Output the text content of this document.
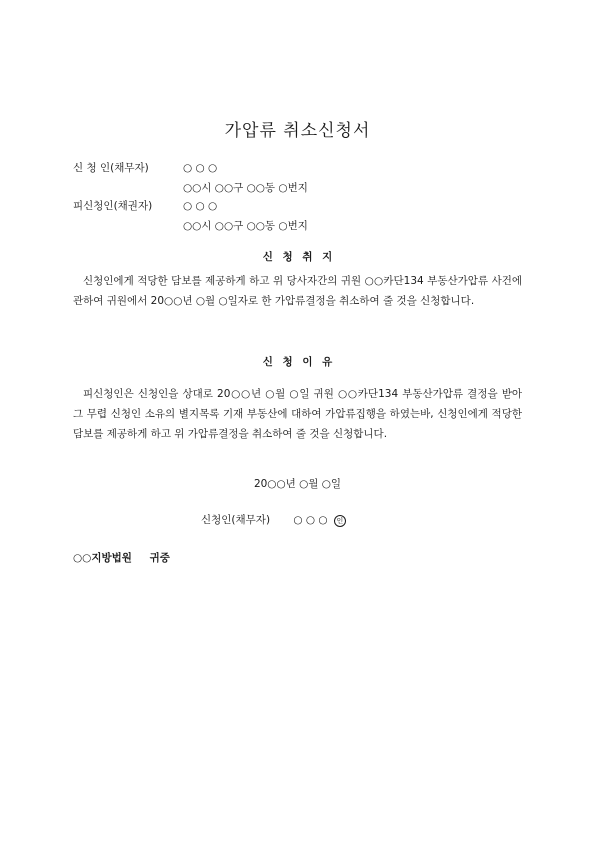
가압류 취소신청서
신 청 인(채무자)	○ ○ ○
○○시 ○○구 ○○동 ○번지
피신청인(채권자)	○ ○ ○
○○시 ○○구 ○○동 ○번지
신 청 취 지
신청인에게 적당한 담보를 제공하게 하고 위 당사자간의 귀원 ○○카단134 부동산가압류 사건에 관하여 귀원에서 20○○년 ○월 ○일자로 한 가압류결정을 취소하여 줄 것을 신청합니다.
신 청 이 유
피신청인은 신청인을 상대로 20○○년 ○월 ○일 귀원 ○○카단134 부동산가압류 결정을 받아 그 무렵 신청인 소유의 별지목록 기재 부동산에 대하여 가압류집행을 하였는바, 신청인에게 적당한 담보를 제공하게 하고 위 가압류결정을 취소하여 줄 것을 신청합니다.
20○○년 ○월 ○일
신청인(채무자) ○ ○ ○ 인
○○지방법원 귀중
